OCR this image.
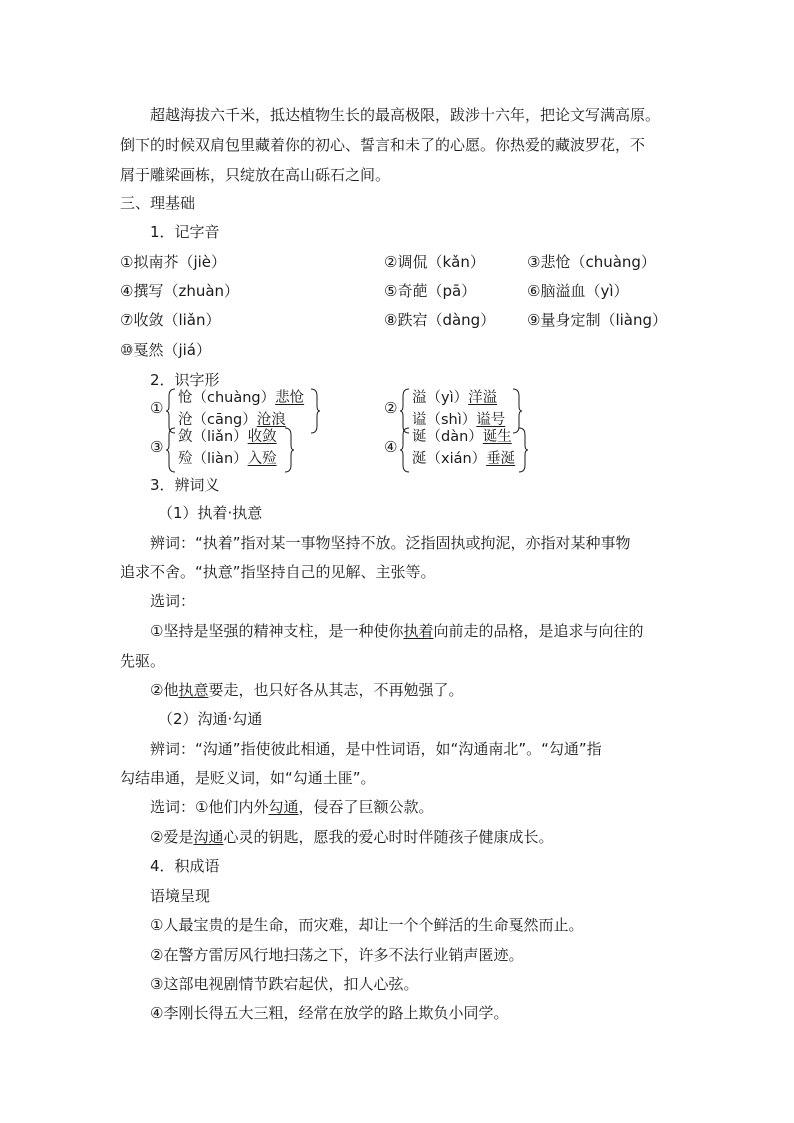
超越海拔六千米，抵达植物生长的最高极限，跋涉十六年，把论文写满高原。
倒下的时候双肩包里藏着你的初心、誓言和未了的心愿。你热爱的藏波罗花，不
屑于雕梁画栋，只绽放在高山砾石之间。
三、理基础
1．记字音
①拟南芥（jiè）	②调侃（kǎn）	③悲怆（chuàng）
④撰写（zhuàn）	⑤奇葩（pā）	⑥脑溢血（yì）
⑦收敛（liǎn）	⑧跌宕（dàng） ⑨量身定制（liàng）
⑩戛然（jiá）
2．识字形
①
怆（chuàng）悲怆
沧（cāng）沧浪
②
溢（yì）洋溢
谥（shì）谥号
③
敛（liǎn）收敛
殓（liàn）入殓
④
诞（dàn）诞生
涎（xián）垂涎
3．辨词义
（1）执着·执意
辨词：“执着”指对某一事物坚持不放。泛指固执或拘泥，亦指对某种事物
追求不舍。“执意”指坚持自己的见解、主张等。
选词：
①坚持是坚强的精神支柱，是一种使你执着向前走的品格，是追求与向往的
先驱。
②他执意要走，也只好各从其志，不再勉强了。
（2）沟通·勾通
辨词：“沟通”指使彼此相通，是中性词语，如“沟通南北”。“勾通”指
勾结串通，是贬义词，如“勾通土匪”。
选词：①他们内外勾通，侵吞了巨额公款。
②爱是沟通心灵的钥匙，愿我的爱心时时伴随孩子健康成长。
4．积成语
语境呈现
①人最宝贵的是生命，而灾难，却让一个个鲜活的生命戛然而止。
②在警方雷厉风行地扫荡之下，许多不法行业销声匿迹。
③这部电视剧情节跌宕起伏，扣人心弦。
④李刚长得五大三粗，经常在放学的路上欺负小同学。
